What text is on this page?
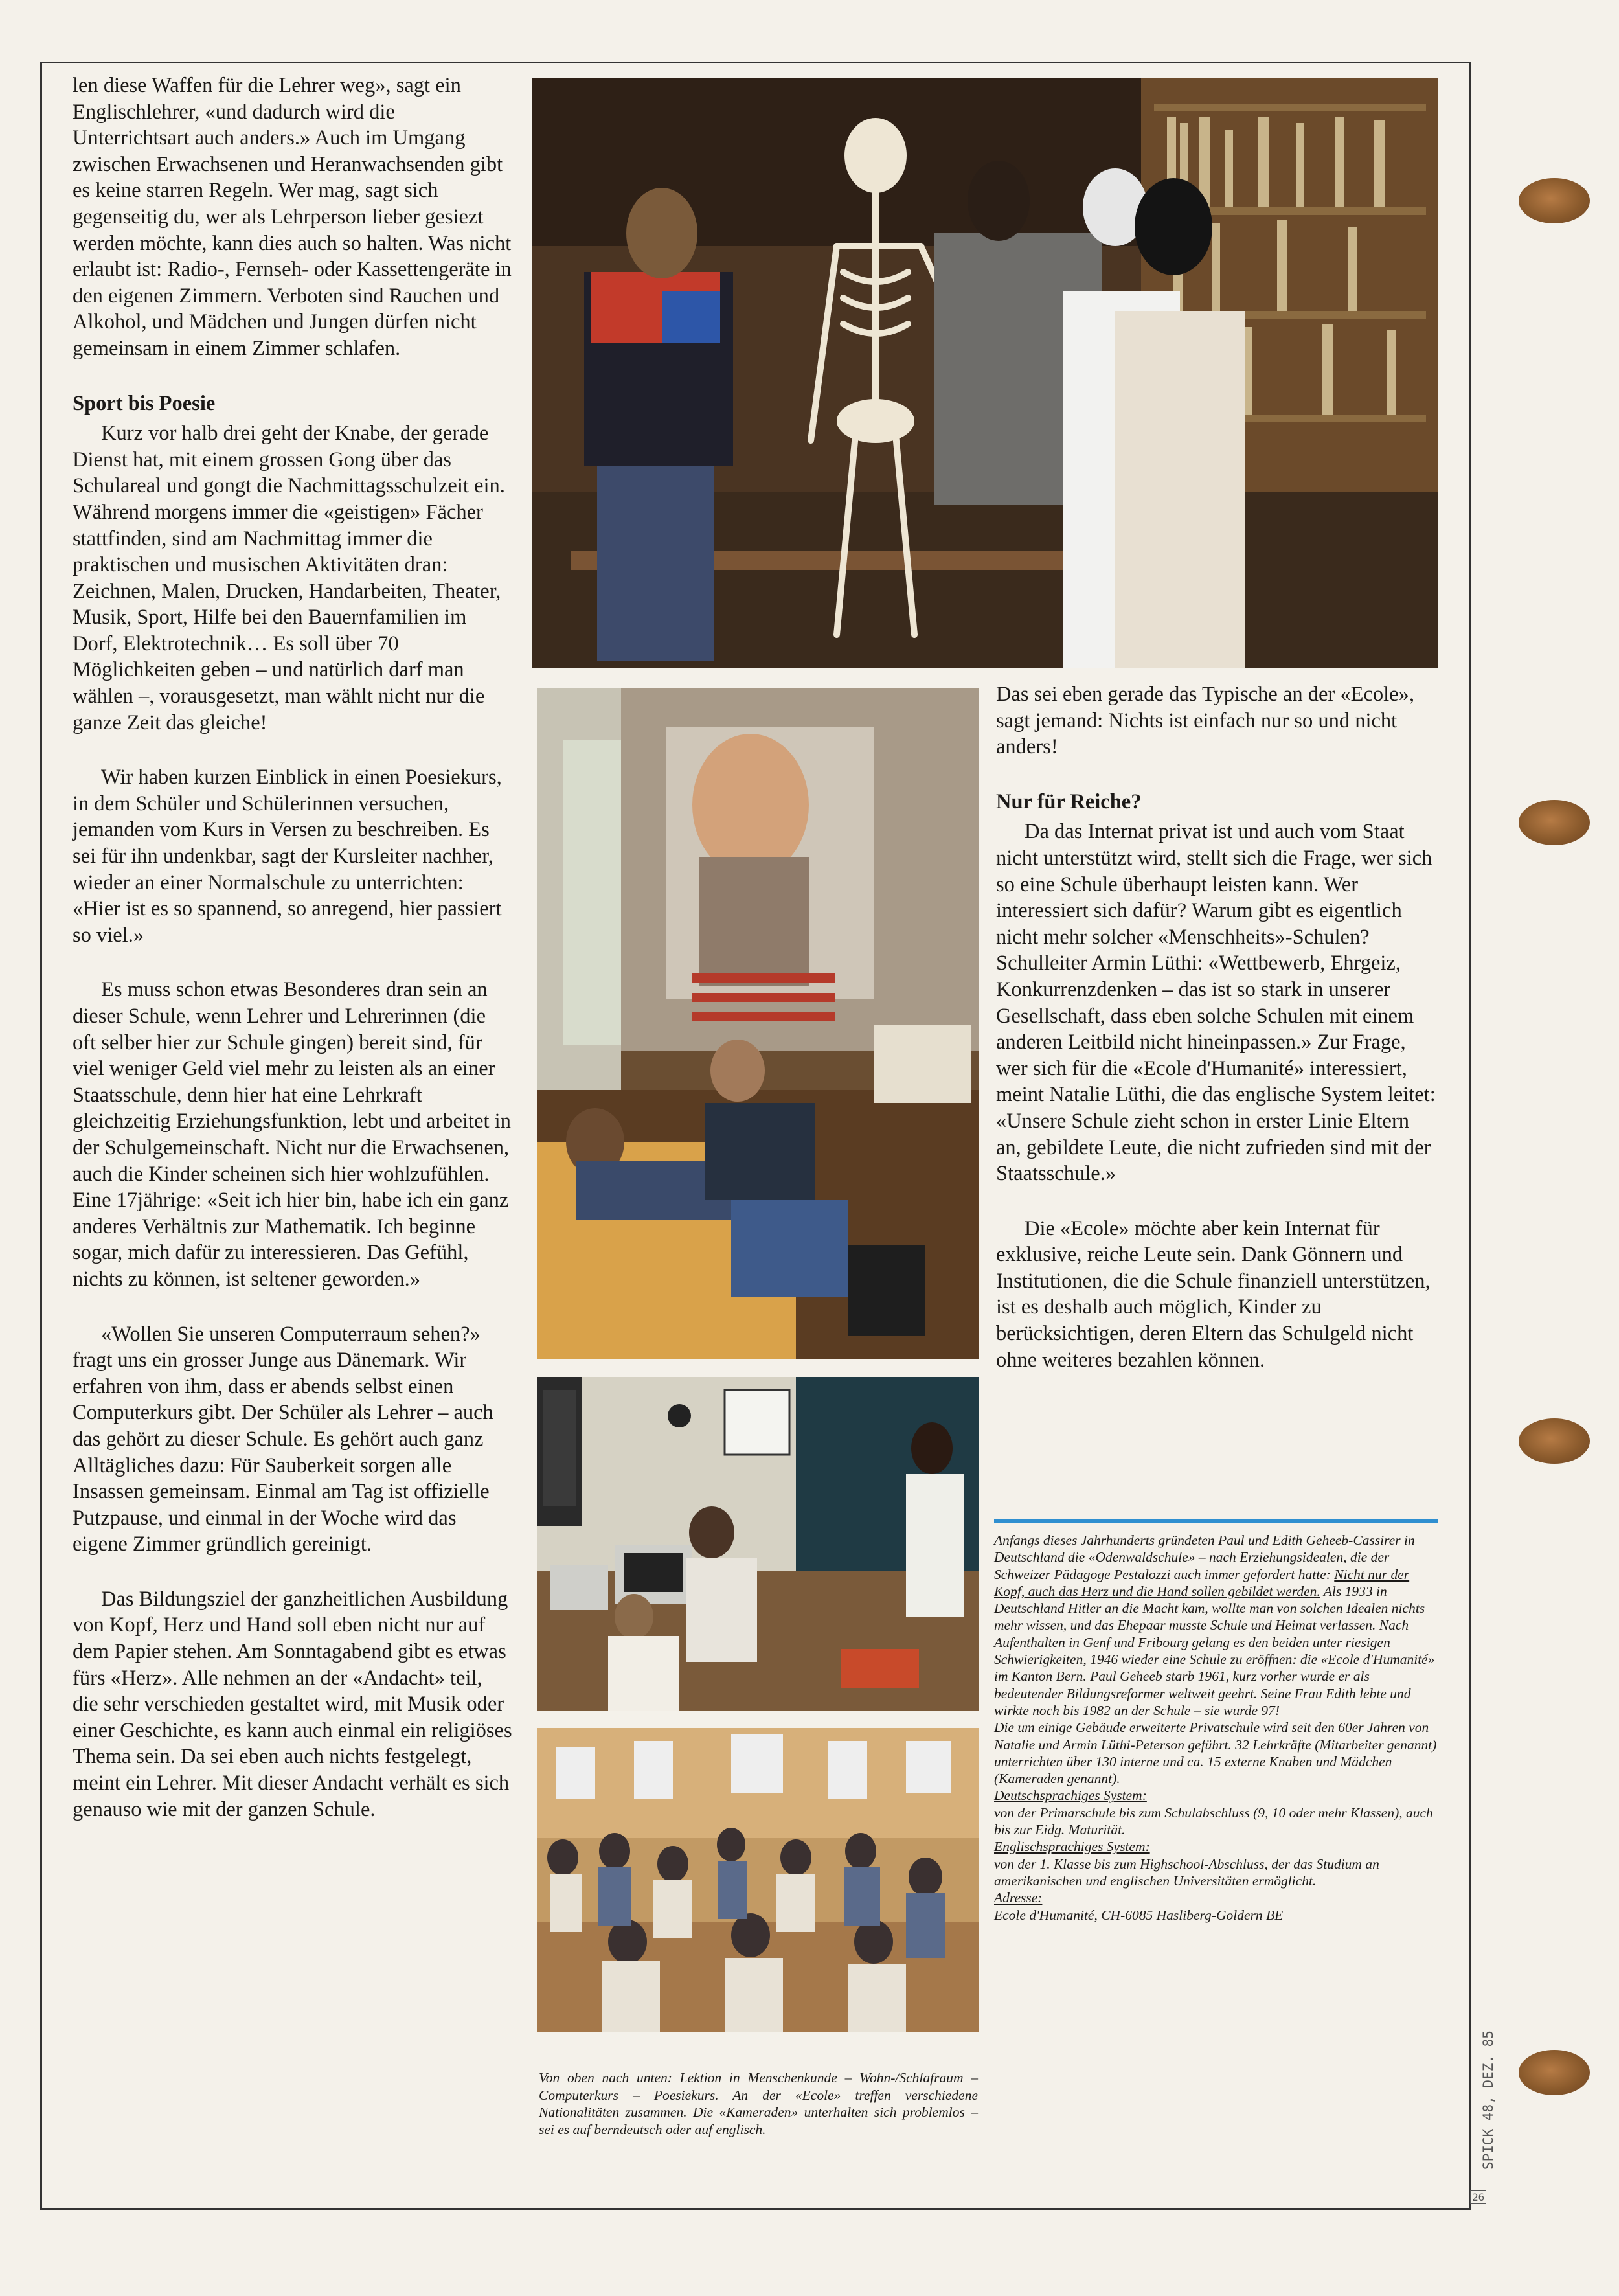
len diese Waffen für die Lehrer weg», sagt ein Englischlehrer, «und dadurch wird die Unterrichtsart auch anders.» Auch im Umgang zwischen Erwachsenen und Heranwachsenden gibt es keine starren Regeln. Wer mag, sagt sich gegenseitig du, wer als Lehrperson lieber gesiezt werden möchte, kann dies auch so halten. Was nicht erlaubt ist: Radio-, Fernseh- oder Kassettengeräte in den eigenen Zimmern. Verboten sind Rauchen und Alkohol, und Mädchen und Jungen dürfen nicht gemeinsam in einem Zimmer schlafen.

Sport bis Poesie

Kurz vor halb drei geht der Knabe, der gerade Dienst hat, mit einem grossen Gong über das Schulareal und gongt die Nachmittagsschulzeit ein. Während morgens immer die «geistigen» Fächer stattfinden, sind am Nachmittag immer die praktischen und musischen Aktivitäten dran: Zeichnen, Malen, Drucken, Handarbeiten, Theater, Musik, Sport, Hilfe bei den Bauernfamilien im Dorf, Elektrotechnik… Es soll über 70 Möglichkeiten geben – und natürlich darf man wählen –, vorausgesetzt, man wählt nicht nur die ganze Zeit das gleiche!

Wir haben kurzen Einblick in einen Poesiekurs, in dem Schüler und Schülerinnen versuchen, jemanden vom Kurs in Versen zu beschreiben. Es sei für ihn undenkbar, sagt der Kursleiter nachher, wieder an einer Normalschule zu unterrichten: «Hier ist es so spannend, so anregend, hier passiert so viel.»

Es muss schon etwas Besonderes dran sein an dieser Schule, wenn Lehrer und Lehrerinnen (die oft selber hier zur Schule gingen) bereit sind, für viel weniger Geld viel mehr zu leisten als an einer Staatsschule, denn hier hat eine Lehrkraft gleichzeitig Erziehungsfunktion, lebt und arbeitet in der Schulgemeinschaft. Nicht nur die Erwachsenen, auch die Kinder scheinen sich hier wohlzufühlen. Eine 17jährige: «Seit ich hier bin, habe ich ein ganz anderes Verhältnis zur Mathematik. Ich beginne sogar, mich dafür zu interessieren. Das Gefühl, nichts zu können, ist seltener geworden.»

«Wollen Sie unseren Computerraum sehen?» fragt uns ein grosser Junge aus Dänemark. Wir erfahren von ihm, dass er abends selbst einen Computerkurs gibt. Der Schüler als Lehrer – auch das gehört zu dieser Schule. Es gehört auch ganz Alltägliches dazu: Für Sauberkeit sorgen alle Insassen gemeinsam. Einmal am Tag ist offizielle Putzpause, und einmal in der Woche wird das eigene Zimmer gründlich gereinigt.

Das Bildungsziel der ganzheitlichen Ausbildung von Kopf, Herz und Hand soll eben nicht nur auf dem Papier stehen. Am Sonntagabend gibt es etwas fürs «Herz». Alle nehmen an der «Andacht» teil, die sehr verschieden gestaltet wird, mit Musik oder einer Geschichte, es kann auch einmal ein religiöses Thema sein. Da sei eben auch nichts festgelegt, meint ein Lehrer. Mit dieser Andacht verhält es sich genauso wie mit der ganzen Schule.

Das sei eben gerade das Typische an der «Ecole», sagt jemand: Nichts ist einfach nur so und nicht anders!

Nur für Reiche?

Da das Internat privat ist und auch vom Staat nicht unterstützt wird, stellt sich die Frage, wer sich so eine Schule überhaupt leisten kann. Wer interessiert sich dafür? Warum gibt es eigentlich nicht mehr solcher «Menschheits»-Schulen? Schulleiter Armin Lüthi: «Wettbewerb, Ehrgeiz, Konkurrenzdenken – das ist so stark in unserer Gesellschaft, dass eben solche Schulen mit einem anderen Leitbild nicht hineinpassen.» Zur Frage, wer sich für die «Ecole d'Humanité» interessiert, meint Natalie Lüthi, die das englische System leitet: «Unsere Schule zieht schon in erster Linie Eltern an, gebildete Leute, die nicht zufrieden sind mit der Staatsschule.»

Die «Ecole» möchte aber kein Internat für exklusive, reiche Leute sein. Dank Gönnern und Institutionen, die die Schule finanziell unterstützen, ist es deshalb auch möglich, Kinder zu berücksichtigen, deren Eltern das Schulgeld nicht ohne weiteres bezahlen können.

Anfangs dieses Jahrhunderts gründeten Paul und Edith Geheeb-Cassirer in Deutschland die «Odenwaldschule» – nach Erziehungsidealen, die der Schweizer Pädagoge Pestalozzi auch immer gefordert hatte: Nicht nur der Kopf, auch das Herz und die Hand sollen gebildet werden. Als 1933 in Deutschland Hitler an die Macht kam, wollte man von solchen Idealen nichts mehr wissen, und das Ehepaar musste Schule und Heimat verlassen. Nach Aufenthalten in Genf und Fribourg gelang es den beiden unter riesigen Schwierigkeiten, 1946 wieder eine Schule zu eröffnen: die «Ecole d'Humanité» im Kanton Bern. Paul Geheeb starb 1961, kurz vorher wurde er als bedeutender Bildungsreformer weltweit geehrt. Seine Frau Edith lebte und wirkte noch bis 1982 an der Schule – sie wurde 97!

Die um einige Gebäude erweiterte Privatschule wird seit den 60er Jahren von Natalie und Armin Lüthi-Peterson geführt. 32 Lehrkräfte (Mitarbeiter genannt) unterrichten über 130 interne und ca. 15 externe Knaben und Mädchen (Kameraden genannt).

Deutschsprachiges System:

von der Primarschule bis zum Schulabschluss (9, 10 oder mehr Klassen), auch bis zur Eidg. Maturität.

Englischsprachiges System:

von der 1. Klasse bis zum Highschool-Abschluss, der das Studium an amerikanischen und englischen Universitäten ermöglicht.

Adresse:

Ecole d'Humanité, CH-6085 Hasliberg-Goldern BE

Von oben nach unten: Lektion in Menschenkunde – Wohn-/Schlafraum – Computerkurs – Poesiekurs. An der «Ecole» treffen verschiedene Nationalitäten zusammen. Die «Kameraden» unterhalten sich problemlos – sei es auf berndeutsch oder auf englisch.	SPICK 48, DEZ. 85
26
